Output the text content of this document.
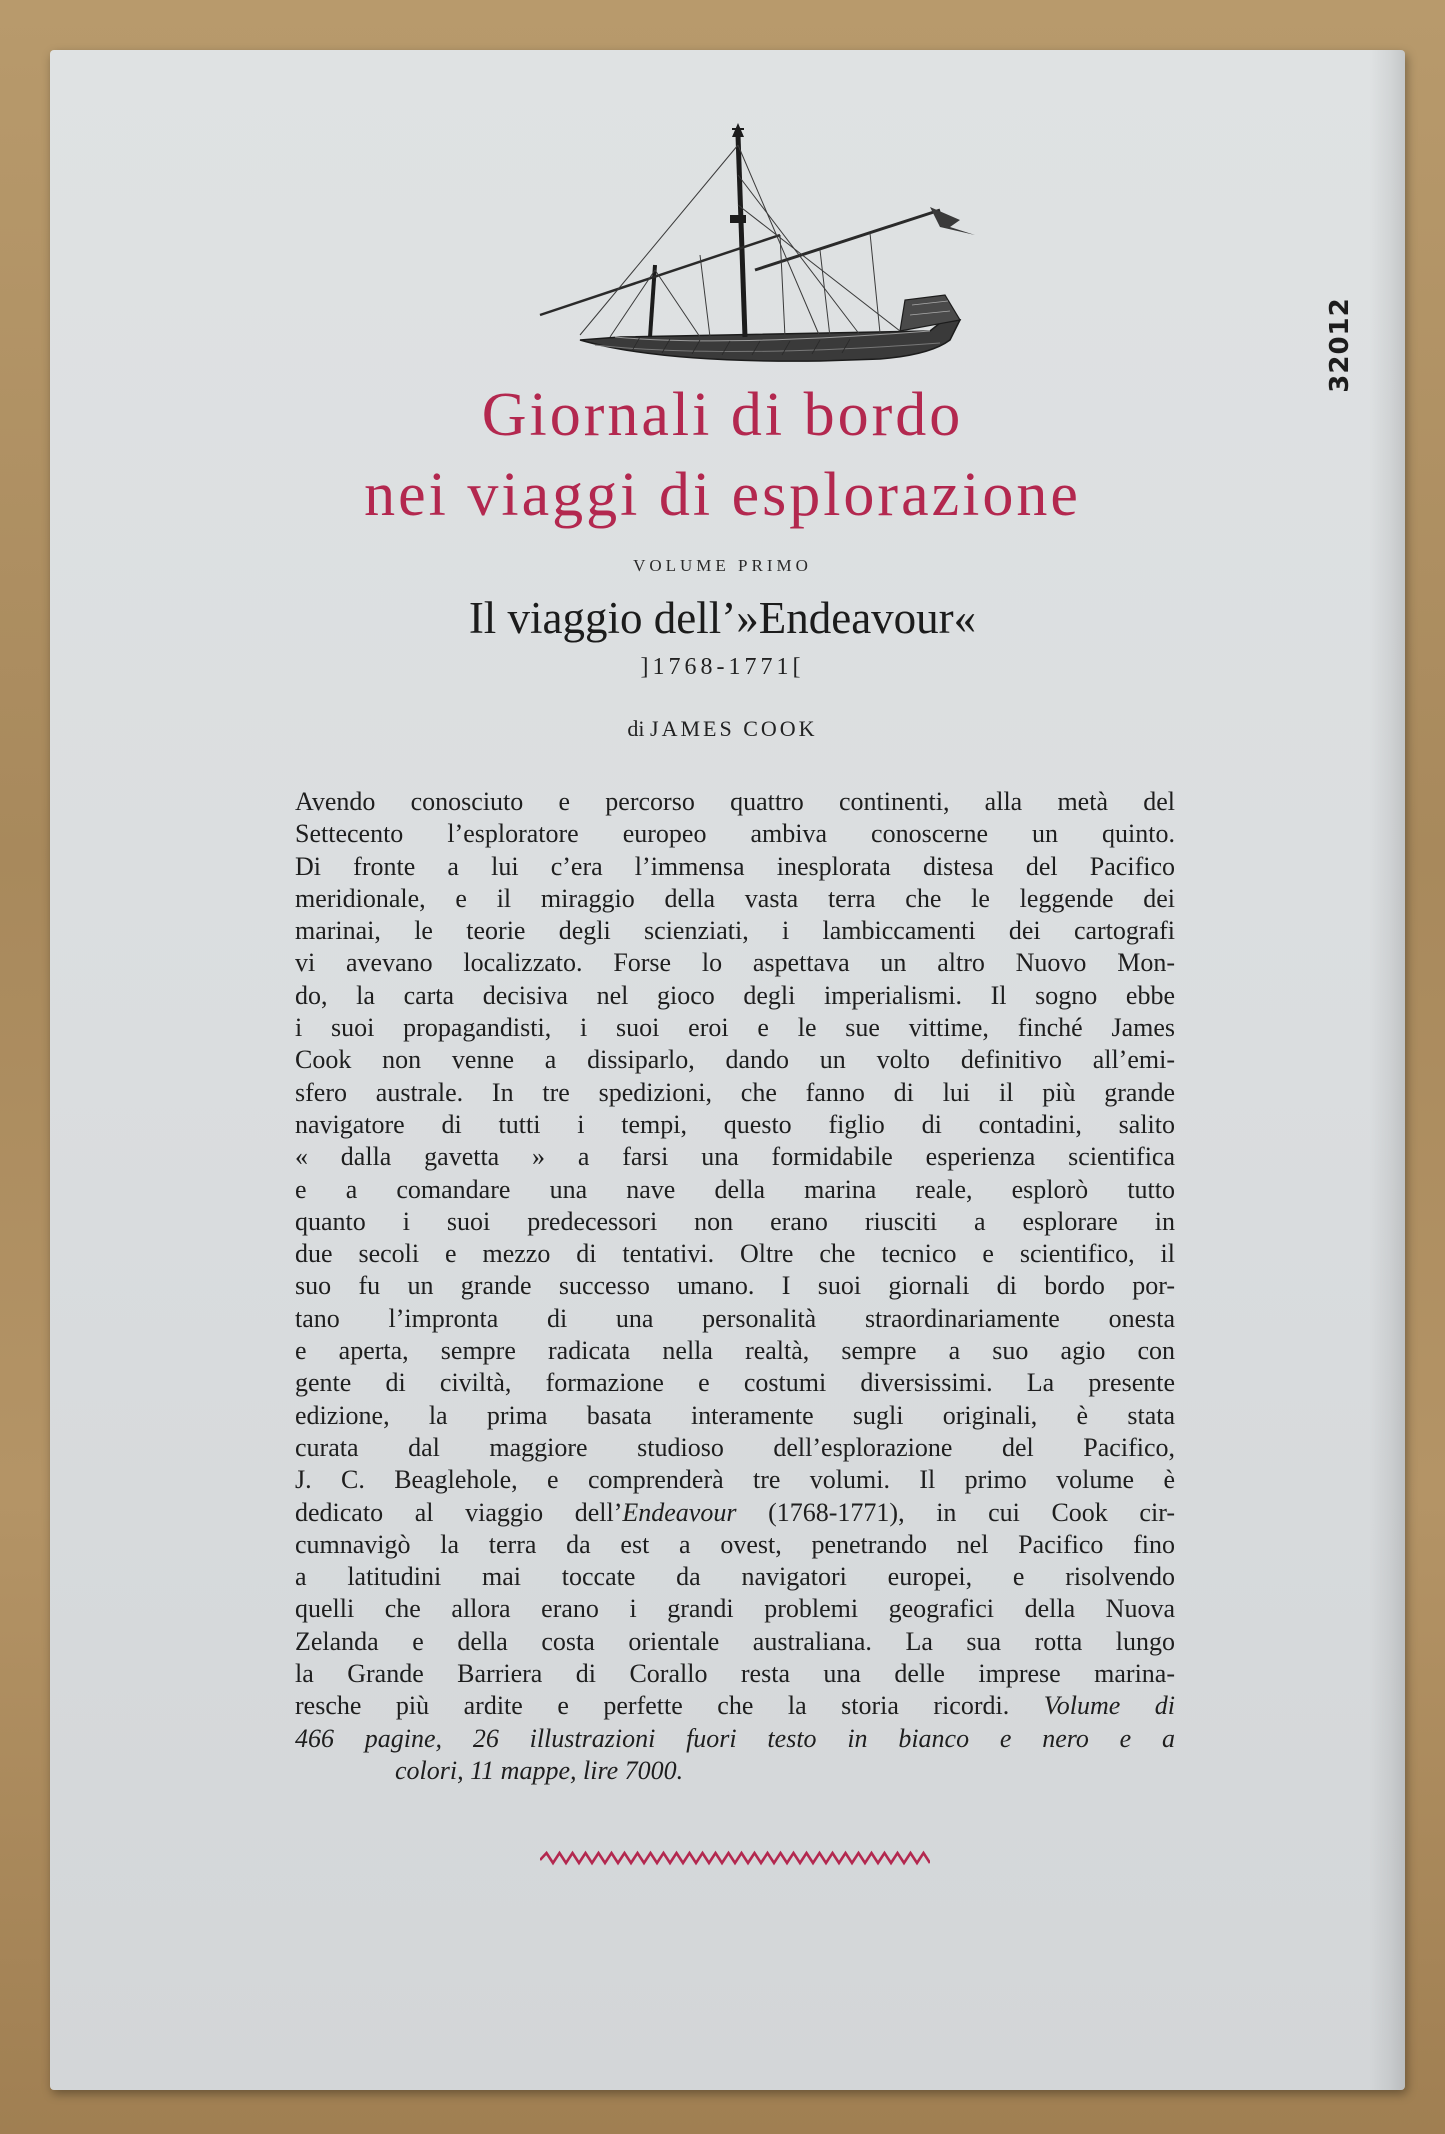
32012
Giornali di bordo
nei viaggi di esplorazione
VOLUME PRIMO
Il viaggio dell’»Endeavour«
]1768-1771[
di JAMES COOK
Avendo conosciuto e percorso quattro continenti, alla metà del
Settecento l’esploratore europeo ambiva conoscerne un quinto.
Di fronte a lui c’era l’immensa inesplorata distesa del Pacifico
meridionale, e il miraggio della vasta terra che le leggende dei
marinai, le teorie degli scienziati, i lambiccamenti dei cartografi
vi avevano localizzato. Forse lo aspettava un altro Nuovo Mon-
do, la carta decisiva nel gioco degli imperialismi. Il sogno ebbe
i suoi propagandisti, i suoi eroi e le sue vittime, finché James
Cook non venne a dissiparlo, dando un volto definitivo all’emi-
sfero australe. In tre spedizioni, che fanno di lui il più grande
navigatore di tutti i tempi, questo figlio di contadini, salito
« dalla gavetta » a farsi una formidabile esperienza scientifica
e a comandare una nave della marina reale, esplorò tutto
quanto i suoi predecessori non erano riusciti a esplorare in
due secoli e mezzo di tentativi. Oltre che tecnico e scientifico, il
suo fu un grande successo umano. I suoi giornali di bordo por-
tano l’impronta di una personalità straordinariamente onesta
e aperta, sempre radicata nella realtà, sempre a suo agio con
gente di civiltà, formazione e costumi diversissimi. La presente
edizione, la prima basata interamente sugli originali, è stata
curata dal maggiore studioso dell’esplorazione del Pacifico,
J. C. Beaglehole, e comprenderà tre volumi. Il primo volume è
dedicato al viaggio dell’Endeavour (1768-1771), in cui Cook cir-
cumnavigò la terra da est a ovest, penetrando nel Pacifico fino
a latitudini mai toccate da navigatori europei, e risolvendo
quelli che allora erano i grandi problemi geografici della Nuova
Zelanda e della costa orientale australiana. La sua rotta lungo
la Grande Barriera di Corallo resta una delle imprese marina-
resche più ardite e perfette che la storia ricordi. Volume di
466 pagine, 26 illustrazioni fuori testo in bianco e nero e a
colori, 11 mappe, lire 7000.
